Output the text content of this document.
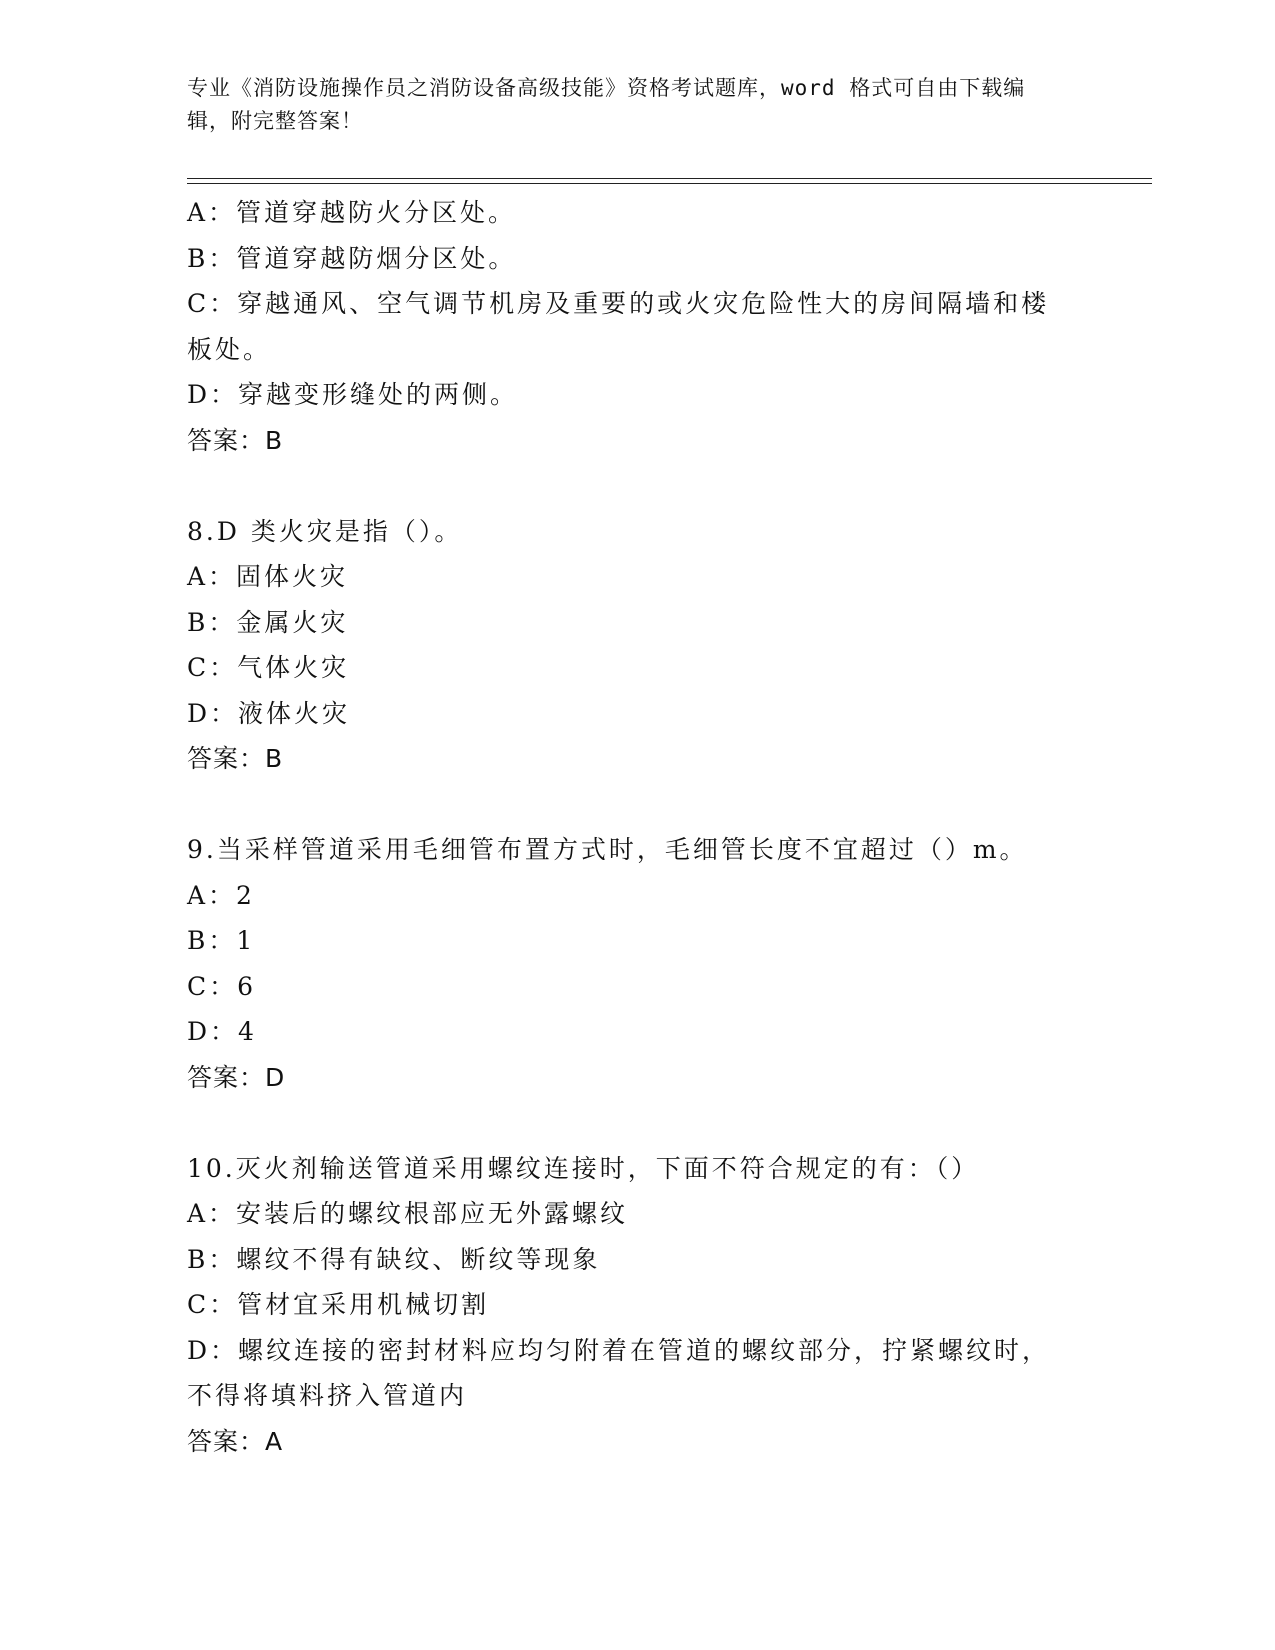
专业《消防设施操作员之消防设备高级技能》资格考试题库，word 格式可自由下载编辑，附完整答案！
A：管道穿越防火分区处。
B：管道穿越防烟分区处。
C：穿越通风、空气调节机房及重要的或火灾危险性大的房间隔墙和楼
板处。
D：穿越变形缝处的两侧。
答案：B
8.D 类火灾是指（）。
A：固体火灾
B：金属火灾
C：气体火灾
D：液体火灾
答案：B
9.当采样管道采用毛细管布置方式时，毛细管长度不宜超过（）m。
A：2
B：1
C：6
D：4
答案：D
10.灭火剂输送管道采用螺纹连接时，下面不符合规定的有：（）
A：安装后的螺纹根部应无外露螺纹
B：螺纹不得有缺纹、断纹等现象
C：管材宜采用机械切割
D：螺纹连接的密封材料应均匀附着在管道的螺纹部分，拧紧螺纹时，
不得将填料挤入管道内
答案：A
